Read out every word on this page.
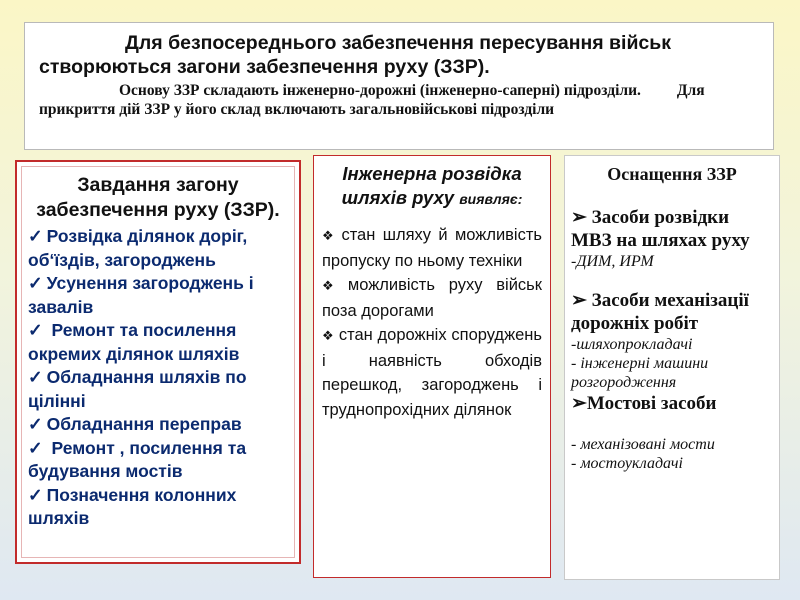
Для безпосереднього забезпечення пересування військ створюються загони забезпечення руху (ЗЗР).

Основу ЗЗР складають інженерно-дорожні (інженерно-саперні) підрозділи. Для прикриття дій ЗЗР у його склад включають загальновійськові підрозділи

Завдання загону забезпечення руху (ЗЗР).
✓ Розвідка ділянок доріг, об‘їздів, загороджень
✓ Усунення загороджень і завалів
✓ Ремонт та посилення окремих ділянок шляхів
✓ Обладнання шляхів по цілінні
✓ Обладнання переправ
✓ Ремонт , посилення та будування мостів
✓ Позначення колонних шляхів
Інженерна розвідка шляхів руху виявляє:

❖ стан шляху й можливість пропуску по ньому техніки

❖ можливість руху військ поза дорогами

❖ стан дорожніх споруджень і наявність обходів перешкод, загороджень і труднопрохідних ділянок

Оснащення ЗЗР

➢ Засоби розвідки МВЗ на шляхах руху

-ДИМ, ИРМ

➢ Засоби механізації дорожніх робіт

-шляхопрокладачі

- інженерні машини розгородження

➢Мостові засоби

- механізовані мости

- мостоукладачі
